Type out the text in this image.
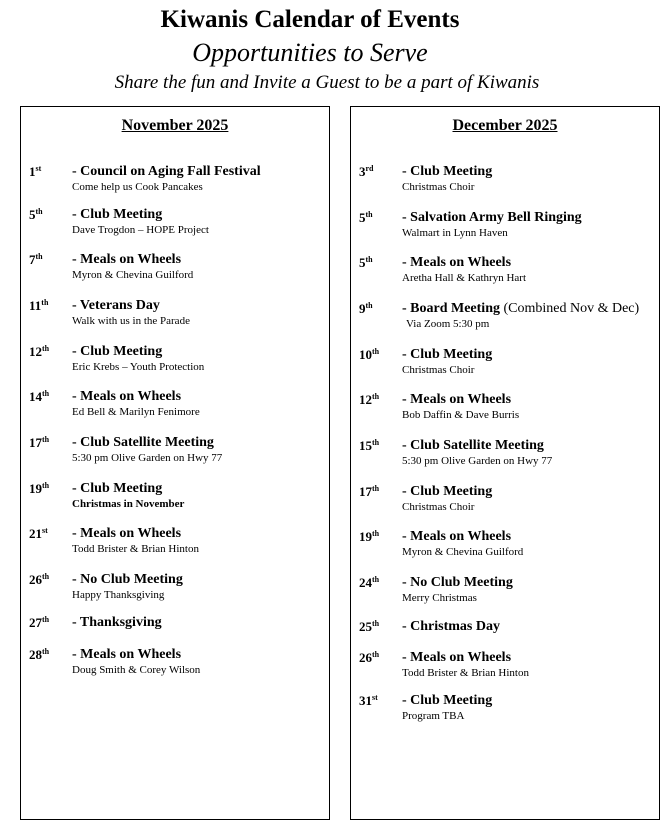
Kiwanis Calendar of Events
Opportunities to Serve
Share the fun and Invite a Guest to be a part of Kiwanis
November 2025
1st - Council on Aging Fall Festival
Come help us Cook Pancakes
5th - Club Meeting
Dave Trogdon – HOPE Project
7th - Meals on Wheels
Myron & Chevina Guilford
11th - Veterans Day
Walk with us in the Parade
12th - Club Meeting
Eric Krebs – Youth Protection
14th - Meals on Wheels
Ed Bell & Marilyn Fenimore
17th - Club Satellite Meeting
5:30 pm Olive Garden on Hwy 77
19th - Club Meeting
Christmas in November
21st - Meals on Wheels
Todd Brister & Brian Hinton
26th - No Club Meeting
Happy Thanksgiving
27th - Thanksgiving
28th - Meals on Wheels
Doug Smith & Corey Wilson
December 2025
3rd - Club Meeting
Christmas Choir
5th - Salvation Army Bell Ringing
Walmart in Lynn Haven
5th - Meals on Wheels
Aretha Hall & Kathryn Hart
9th - Board Meeting (Combined Nov & Dec)
Via Zoom 5:30 pm
10th - Club Meeting
Christmas Choir
12th - Meals on Wheels
Bob Daffin & Dave Burris
15th - Club Satellite Meeting
5:30 pm Olive Garden on Hwy 77
17th - Club Meeting
Christmas Choir
19th - Meals on Wheels
Myron & Chevina Guilford
24th - No Club Meeting
Merry Christmas
25th - Christmas Day
26th - Meals on Wheels
Todd Brister & Brian Hinton
31st - Club Meeting
Program TBA
